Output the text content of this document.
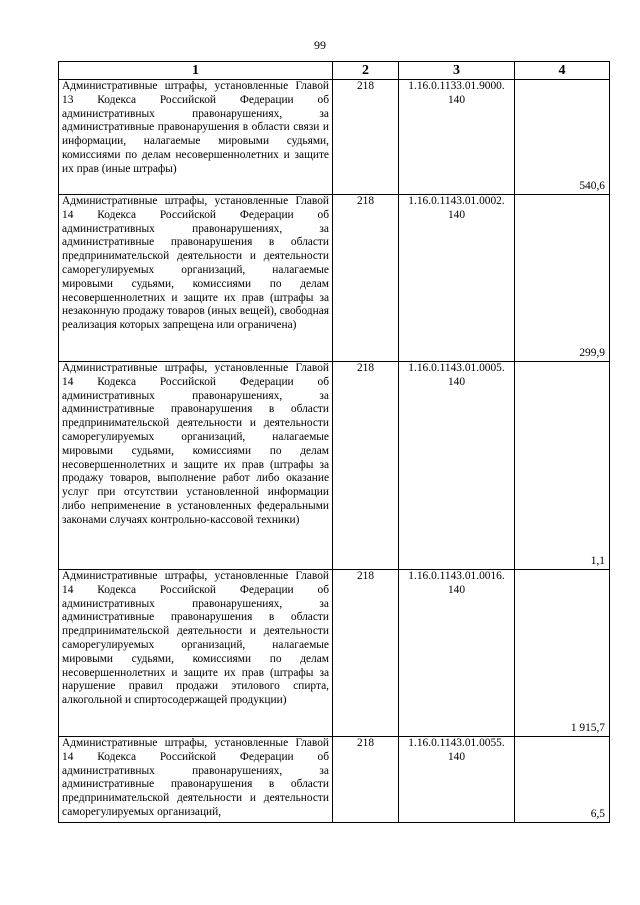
99
1	2	3	4
Административные штрафы, установленные Главой 13 Кодекса Российской Федерации об административных правонарушениях, за административные правонарушения в области связи и информации, налагаемые мировыми судьями, комиссиями по делам несовершеннолетних и защите их прав (иные штрафы)	218	1.16.0.1133.01.9000. 140	540,6
Административные штрафы, установленные Главой 14 Кодекса Российской Федерации об административных правонарушениях, за административные правонарушения в области предпринимательской деятельности и деятельности саморегулируемых организаций, налагаемые мировыми судьями, комиссиями по делам несовершеннолетних и защите их прав (штрафы за незаконную продажу товаров (иных вещей), свободная реализация которых запрещена или ограничена)	218	1.16.0.1143.01.0002. 140	299,9
Административные штрафы, установленные Главой 14 Кодекса Российской Федерации об административных правонарушениях, за административные правонарушения в области предпринимательской деятельности и деятельности саморегулируемых организаций, налагаемые мировыми судьями, комиссиями по делам несовершеннолетних и защите их прав (штрафы за продажу товаров, выполнение работ либо оказание услуг при отсутствии установленной информации либо неприменение в установленных федеральными законами случаях контрольно-кассовой техники)	218	1.16.0.1143.01.0005. 140	1,1
Административные штрафы, установленные Главой 14 Кодекса Российской Федерации об административных правонарушениях, за административные правонарушения в области предпринимательской деятельности и деятельности саморегулируемых организаций, налагаемые мировыми судьями, комиссиями по делам несовершеннолетних и защите их прав (штрафы за нарушение правил продажи этилового спирта, алкогольной и спиртосодержащей продукции)	218	1.16.0.1143.01.0016. 140	1 915,7
Административные штрафы, установленные Главой 14 Кодекса Российской Федерации об административных правонарушениях, за административные правонарушения в области предпринимательской деятельности и деятельности саморегулируемых организаций,	218	1.16.0.1143.01.0055. 140	6,5
